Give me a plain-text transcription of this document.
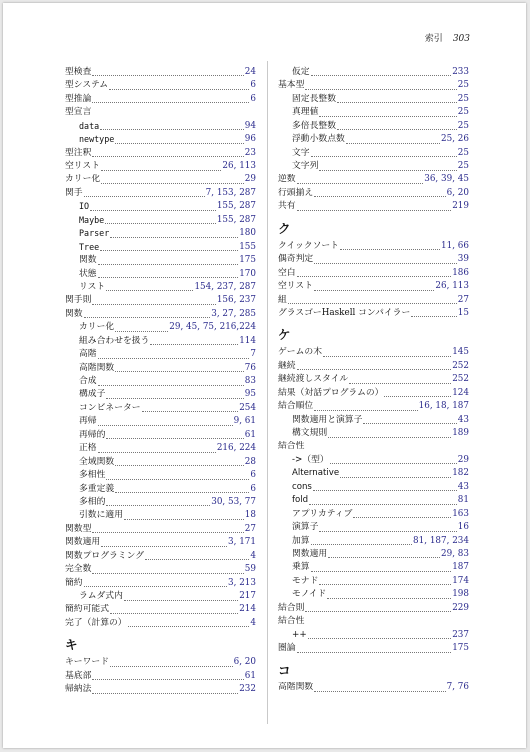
索引 303
型検査	24
型システム	6
型推論	6
型宣言
data	94
newtype	96
型注釈	23
空リスト	26, 113
カリー化	29
関手	7, 153, 287
IO	155, 287
Maybe	155, 287
Parser	180
Tree	155
関数	175
状態	170
リスト	154, 237, 287
関手則	156, 237
関数	3, 27, 285
カリー化	29, 45, 75, 216,224
組み合わせを扱う	114
高階	7
高階関数	76
合成	83
構成子	95
コンビネーター	254
再帰	9, 61
再帰的	61
正格	216, 224
全域関数	28
多相性	6
多重定義	6
多相的	30, 53, 77
引数に適用	18
関数型	27
関数適用	3, 171
関数プログラミング	4
完全数	59
簡約	3, 213
ラムダ式内	217
簡約可能式	214
完了（計算の）	4
キ
キーワード	6, 20
基底部	61
帰納法	232
仮定	233
基本型	25
固定長整数	25
真理値	25
多倍長整数	25
浮動小数点数	25, 26
文字	25
文字列	25
逆数	36, 39, 45
行頭揃え	6, 20
共有	219
ク
クイックソート	11, 66
偶奇判定	39
空白	186
空リスト	26, 113
組	27
グラスゴーHaskell コンパイラー	15
ケ
ゲームの木	145
継続	252
継続渡しスタイル	252
結果（対話プログラムの）	124
結合順位	16, 18, 187
関数適用と演算子	43
構文規則	189
結合性
->（型）	29
Alternative	182
cons	43
fold	81
アプリカティブ	163
演算子	16
加算	81, 187, 234
関数適用	29, 83
乗算	187
モナド	174
モノイド	198
結合則	229
結合性
++	237
圏論	175
コ
高階関数	7, 76
